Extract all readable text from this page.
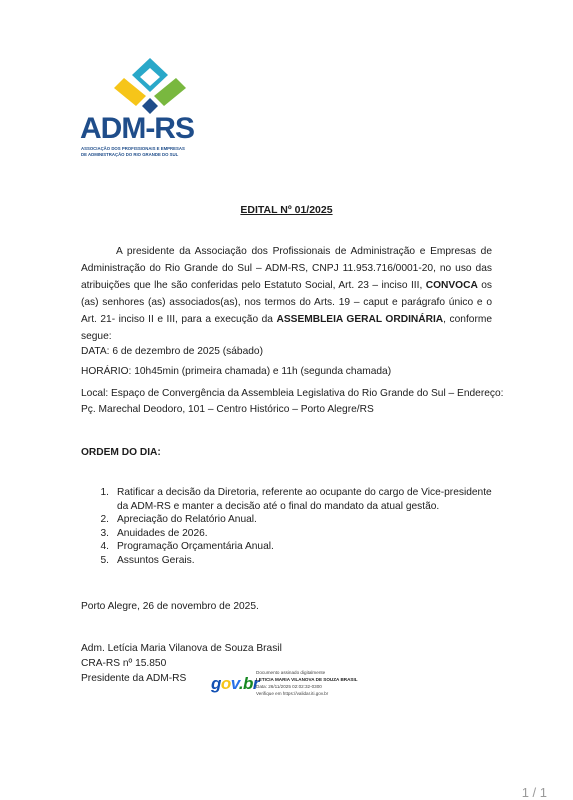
ADM-RS
ASSOCIAÇÃO DOS PROFISSIONAIS E EMPRESAS
DE ADMINISTRAÇÃO DO RIO GRANDE DO SUL
EDITAL Nº 01/2025
A presidente da Associação dos Profissionais de Administração e Empresas de Administração do Rio Grande do Sul – ADM-RS, CNPJ 11.953.716/0001-20, no uso das atribuições que lhe são conferidas pelo Estatuto Social, Art. 23 – inciso III, CONVOCA os (as) senhores (as) associados(as), nos termos do Arts. 19 – caput e parágrafo único e o Art. 21- inciso II e III, para a execução da ASSEMBLEIA GERAL ORDINÁRIA, conforme segue:
DATA: 6 de dezembro de 2025 (sábado)
HORÁRIO: 10h45min (primeira chamada) e 11h (segunda chamada)
Local: Espaço de Convergência da Assembleia Legislativa do Rio Grande do Sul – Endereço: Pç. Marechal Deodoro, 101 – Centro Histórico – Porto Alegre/RS
ORDEM DO DIA:
1. Ratificar a decisão da Diretoria, referente ao ocupante do cargo de Vice-presidente da ADM-RS e manter a decisão até o final do mandato da atual gestão.
2. Apreciação do Relatório Anual.
3. Anuidades de 2026.
4. Programação Orçamentária Anual.
5. Assuntos Gerais.
Porto Alegre, 26 de novembro de 2025.
Adm. Letícia Maria Vilanova de Souza Brasil
CRA-RS nº 15.850
Presidente da ADM-RS	gov.br
Documento assinado digitalmente
LETICIA MARIA VILANOVA DE SOUZA BRASIL
Data: 26/11/2025 02:02:32-0300
Verifique em https://validar.iti.gov.br
1 / 1
